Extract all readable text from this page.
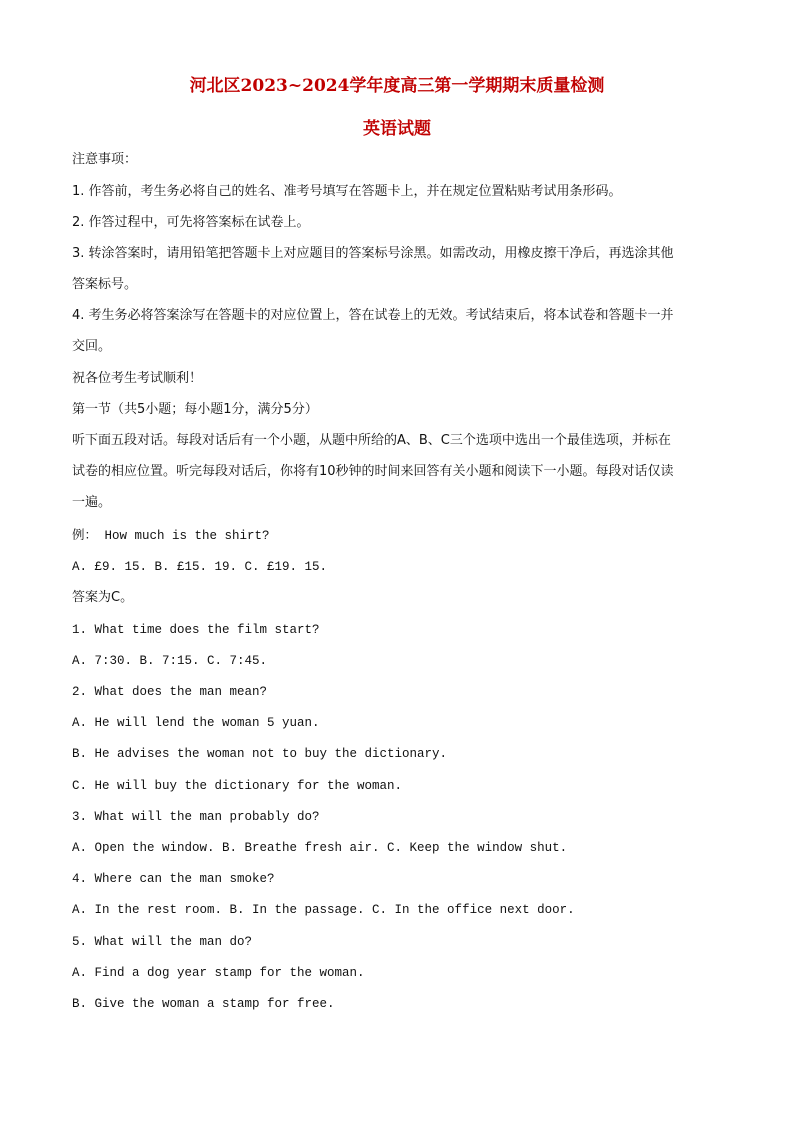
河北区2023~2024学年度高三第一学期期末质量检测
英语试题
注意事项：
1. 作答前，考生务必将自己的姓名、准考号填写在答题卡上，并在规定位置粘贴考试用条形码。
2. 作答过程中，可先将答案标在试卷上。
3. 转涂答案时，请用铅笔把答题卡上对应题目的答案标号涂黑。如需改动，用橡皮擦干净后，再选涂其他
答案标号。
4. 考生务必将答案涂写在答题卡的对应位置上，答在试卷上的无效。考试结束后，将本试卷和答题卡一并
交回。
祝各位考生考试顺利！
第一节（共5小题；每小题1分，满分5分）
听下面五段对话。每段对话后有一个小题，从题中所给的A、B、C三个选项中选出一个最佳选项，并标在
试卷的相应位置。听完每段对话后，你将有10秒钟的时间来回答有关小题和阅读下一小题。每段对话仅读
一遍。
例： How much is the shirt?
A. £9. 15. B. £15. 19. C. £19. 15.
答案为C。
1. What time does the film start?
A. 7:30. B. 7:15. C. 7:45.
2. What does the man mean?
A. He will lend the woman 5 yuan.
B. He advises the woman not to buy the dictionary.
C. He will buy the dictionary for the woman.
3. What will the man probably do?
A. Open the window. B. Breathe fresh air. C. Keep the window shut.
4. Where can the man smoke?
A. In the rest room. B. In the passage. C. In the office next door.
5. What will the man do?
A. Find a dog year stamp for the woman.
B. Give the woman a stamp for free.
